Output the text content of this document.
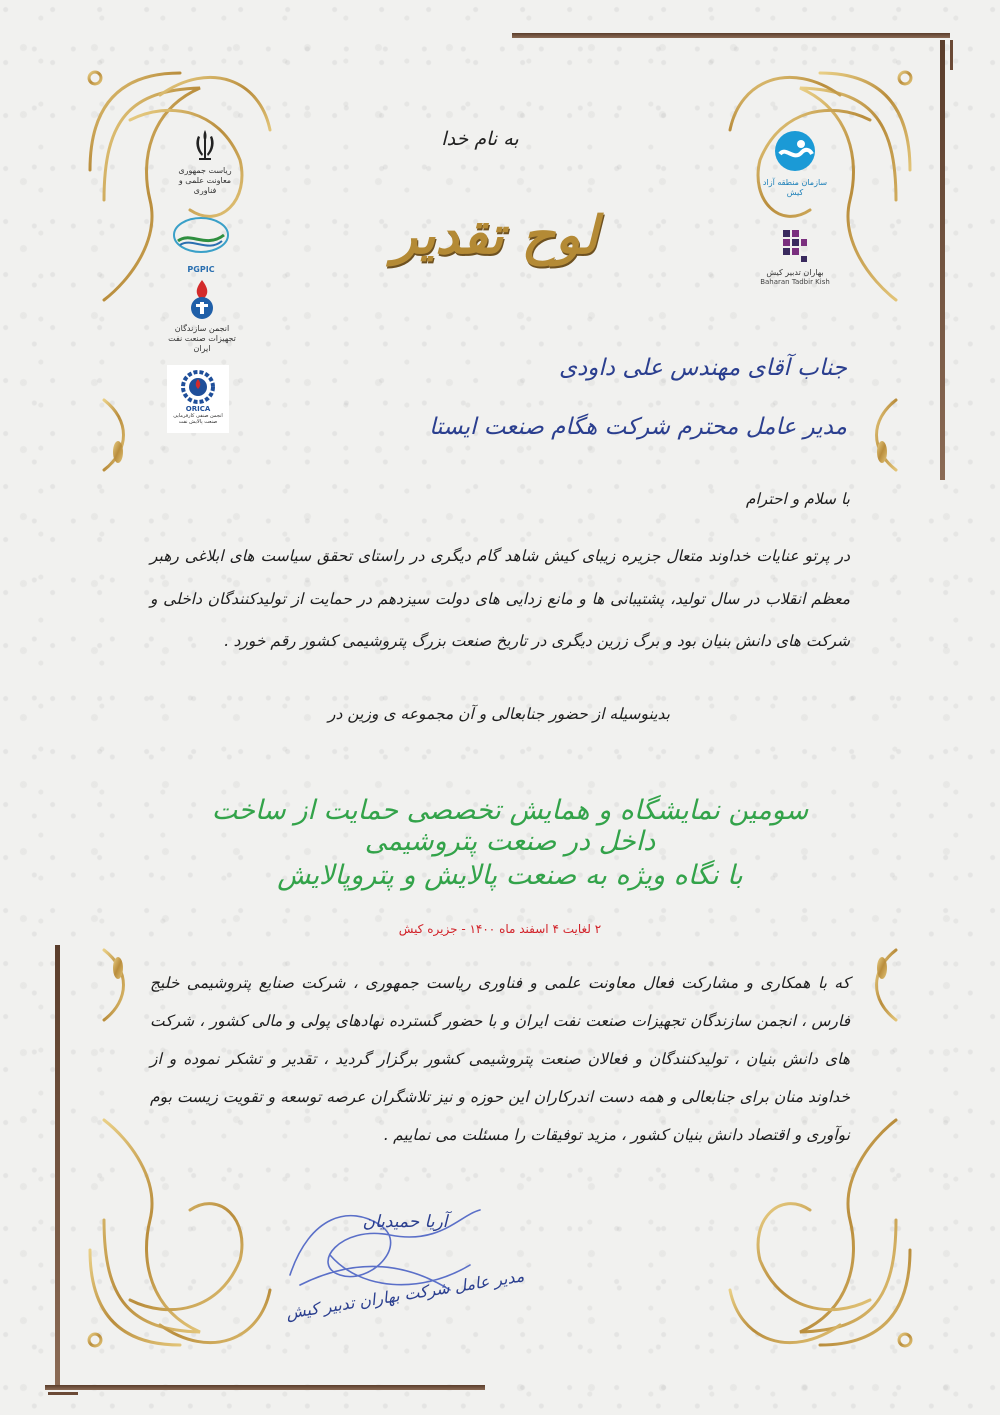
به نام خدا
لوح تقدیر
ریاست جمهوری
معاونت علمی و فناوری
PGPIC
انجمن سازندگان
تجهیزات صنعت نفت ایران
ORICA
انجمن صنفی کارفرمایی صنعت پالایش نفت
سازمان منطقه آزاد کیش
بهاران تدبیر کیش
Baharan Tadbir Kish
جناب آقای مهندس علی داودی
مدیر عامل محترم شرکت هگام صنعت ایستا
با سلام و احترام
در پرتو عنایات خداوند متعال جزیره زیبای کیش شاهد گام دیگری در راستای تحقق سیاست های ابلاغی رهبر معظم انقلاب در سال تولید، پشتیبانی ها و مانع زدایی های دولت سیزدهم در حمایت از تولیدکنندگان داخلی و شرکت های دانش بنیان بود و برگ زرین دیگری در تاریخ صنعت بزرگ پتروشیمی کشور رقم خورد .
بدینوسیله از حضور جنابعالی و آن مجموعه ی وزین در
سومین نمایشگاه و همایش تخصصی حمایت از ساخت داخل در صنعت پتروشیمی
با نگاه ویژه به صنعت پالایش و پتروپالایش
۲ لغایت ۴ اسفند ماه ۱۴۰۰ - جزیره کیش
که با همکاری و مشارکت فعال معاونت علمی و فناوری ریاست جمهوری ، شرکت صنایع پتروشیمی خلیج فارس ، انجمن سازندگان تجهیزات صنعت نفت ایران و با حضور گسترده نهادهای پولی و مالی کشور ، شرکت های دانش بنیان ، تولیدکنندگان و فعالان صنعت پتروشیمی کشور برگزار گردید ، تقدیر و تشکر نموده و از خداوند منان برای جنابعالی و همه دست اندرکاران این حوزه و نیز تلاشگران عرصه توسعه و تقویت زیست بوم نوآوری و اقتصاد دانش بنیان کشور ، مزید توفیقات را مسئلت می نماییم .
آریا حمیدیان
مدیر عامل شرکت بهاران تدبیر کیش
